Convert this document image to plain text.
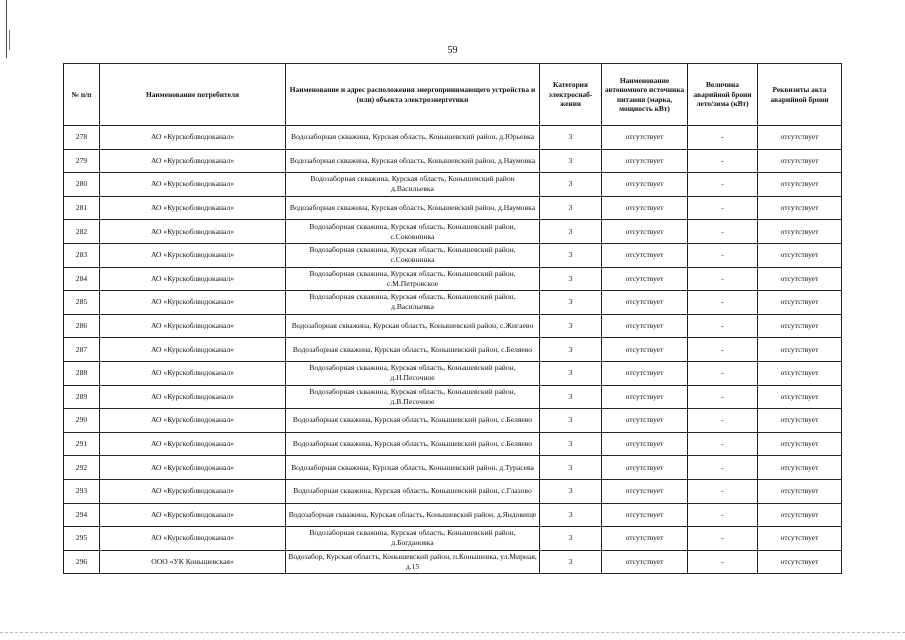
59
№ п/п	Наименование потребителя	Наименование и адрес расположения энергопринимающего устройства и (или) объекта электроэнергетики	Категория электроснаб-жения	Наименование автономного источника питания (марка, мощность кВт)	Величина аварийной брони лето/зима (кВт)	Реквизиты акта аварийной брони
278	АО «Курскоблводоканал»	Водозаборная скважина, Курская область, Конышевский район, д.Юрьевка	3	отсутствует	-	отсутствует
279	АО «Курскоблводоканал»	Водозаборная скважина, Курская область, Конышевский район, д.Наумовка	3	отсутствует	-	отсутствует
280	АО «Курскоблводоканал»	Водозаборная скважина, Курская область, Конышевский район д.Васильевка	3	отсутствует	-	отсутствует
281	АО «Курскоблводоканал»	Водозаборная скважина, Курская область, Конышевский район, д.Наумовка	3	отсутствует	-	отсутствует
282	АО «Курскоблводоканал»	Водозаборная скважина, Курская область, Конышевский район, с.Соковнинка	3	отсутствует	-	отсутствует
283	АО «Курскоблводоканал»	Водозаборная скважина, Курская область, Конышевский район, с.Соковнинка	3	отсутствует	-	отсутствует
284	АО «Курскоблводоканал»	Водозаборная скважина, Курская область, Конышевский район, с.М.Петровское	3	отсутствует	-	отсутствует
285	АО «Курскоблводоканал»	Водозаборная скважина, Курская область, Конышевский район, д.Васильевка	3	отсутствует	-	отсутствует
286	АО «Курскоблводоканал»	Водозаборная скважина, Курская область, Конышевский район, с.Жигаево	3	отсутствует	-	отсутствует
287	АО «Курскоблводоканал»	Водозаборная скважина, Курская область, Конышевский район, с.Беляево	3	отсутствует	-	отсутствует
288	АО «Курскоблводоканал»	Водозаборная скважина, Курская область, Конышевский район, д.Н.Песочное	3	отсутствует	-	отсутствует
289	АО «Курскоблводоканал»	Водозаборная скважина, Курская область, Конышевский район, д.В.Песочное	3	отсутствует	-	отсутствует
290	АО «Курскоблводоканал»	Водозаборная скважина, Курская область, Конышевский район, с.Беляево	3	отсутствует	-	отсутствует
291	АО «Курскоблводоканал»	Водозаборная скважина, Курская область, Конышевский район, с.Беляево	3	отсутствует	-	отсутствует
292	АО «Курскоблводоканал»	Водозаборная скважина, Курская область, Конышевский район, д.Турасева	3	отсутствует	-	отсутствует
293	АО «Курскоблводоканал»	Водозаборная скважина, Курская область, Конышевский район, с.Глазово	3	отсутствует	-	отсутствует
294	АО «Курскоблводоканал»	Водозаборная скважина, Курская область, Конышевский район, д.Яндовище	3	отсутствует	-	отсутствует
295	АО «Курскоблводоканал»	Водозаборная скважина, Курская область, Конышевский район, д.Богдановка	3	отсутствует	-	отсутствует
296	ООО «УК Конышевская»	Водозабор, Курская область, Конышевский район, п.Конышевка, ул.Мирная, д.15	3	отсутствует	-	отсутствует
